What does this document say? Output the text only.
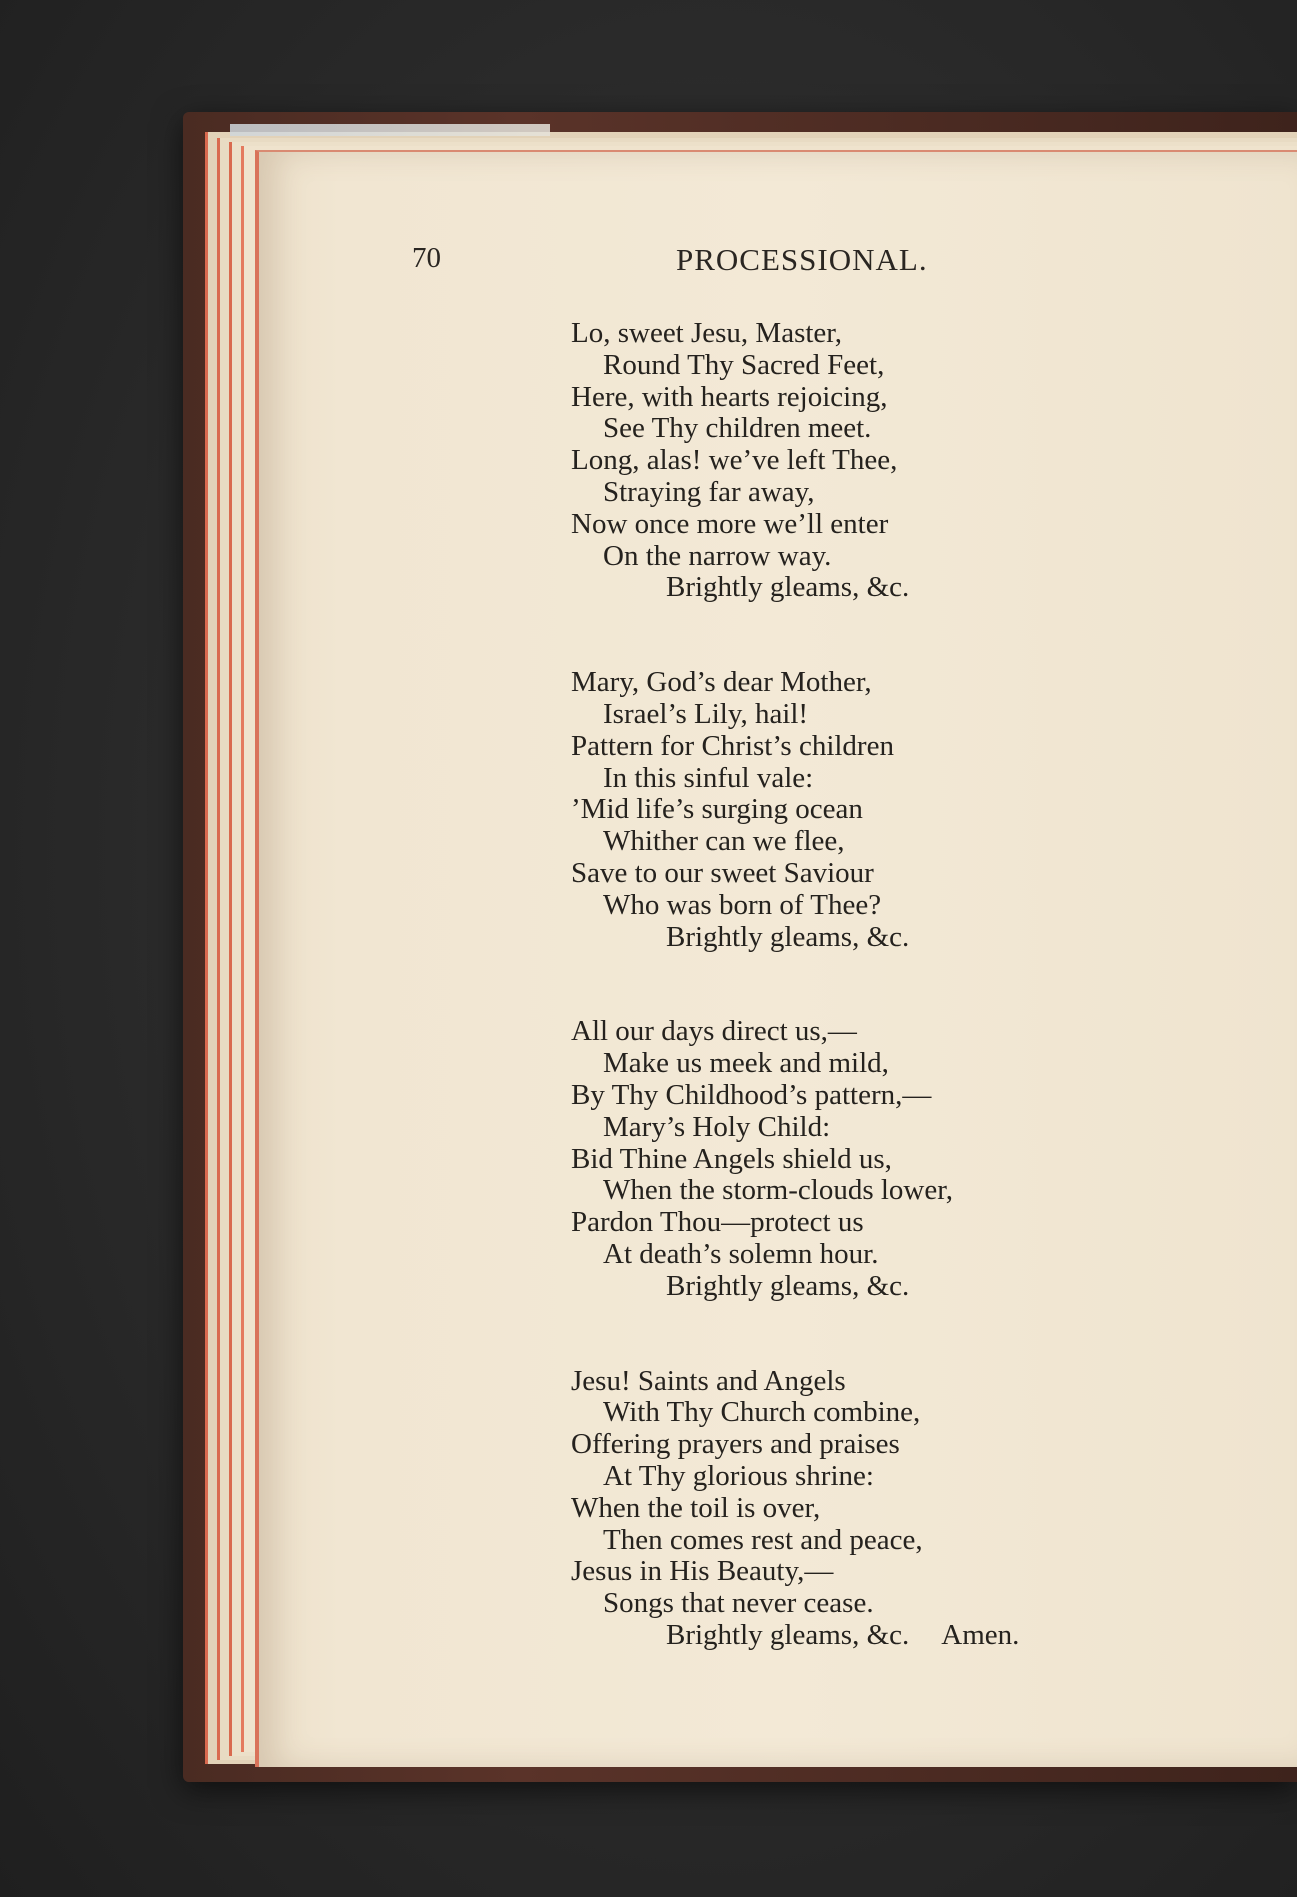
70	PROCESSIONAL.
Lo, sweet Jesu, Master,
Round Thy Sacred Feet,
Here, with hearts rejoicing,
See Thy children meet.
Long, alas! we’ve left Thee,
Straying far away,
Now once more we’ll enter
On the narrow way.
Brightly gleams, &c.
Mary, God’s dear Mother,
Israel’s Lily, hail!
Pattern for Christ’s children
In this sinful vale:
’Mid life’s surging ocean
Whither can we flee,
Save to our sweet Saviour
Who was born of Thee?
Brightly gleams, &c.
All our days direct us,—
Make us meek and mild,
By Thy Childhood’s pattern,—
Mary’s Holy Child:
Bid Thine Angels shield us,
When the storm-clouds lower,
Pardon Thou—protect us
At death’s solemn hour.
Brightly gleams, &c.
Jesu! Saints and Angels
With Thy Church combine,
Offering prayers and praises
At Thy glorious shrine:
When the toil is over,
Then comes rest and peace,
Jesus in His Beauty,—
Songs that never cease.
Brightly gleams, &c. Amen.
